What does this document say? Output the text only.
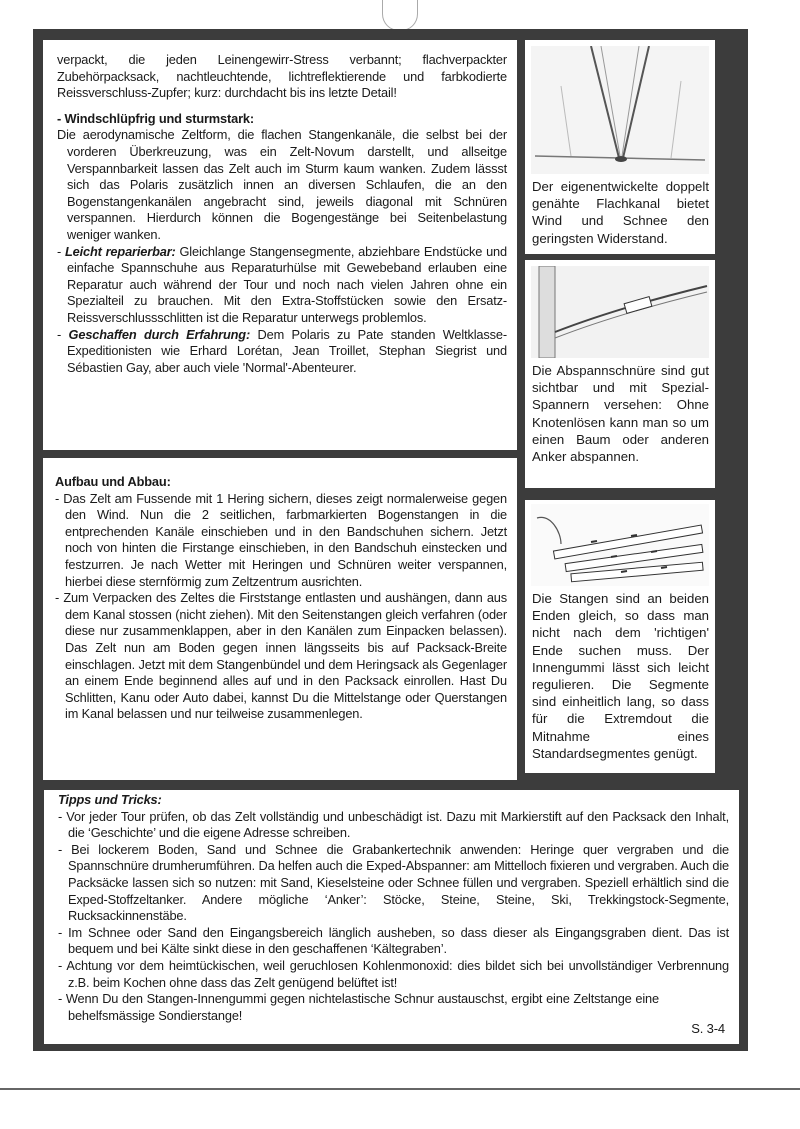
verpackt, die jeden Leinengewirr-Stress verbannt; flachverpackter Zubehörpacksack, nachtleuchtende, lichtreflektierende und farbkodierte Reissverschluss-Zupfer; kurz: durchdacht bis ins letzte Detail!

- Windschlüpfrig und sturmstark:

Die aerodynamische Zeltform, die flachen Stangenkanäle, die selbst bei der vorderen Überkreuzung, was ein Zelt-Novum darstellt, und allseitge Verspannbarkeit lassen das Zelt auch im Sturm kaum wanken. Zudem lässst sich das Polaris zusätzlich innen an diversen Schlaufen, die an den Bogenstangenkanälen angebracht sind, jeweils diagonal mit Schnüren verspannen. Hierdurch können die Bogengestänge bei Seitenbelastung weniger wanken.

- Leicht reparierbar: Gleichlange Stangensegmente, abziehbare Endstücke und einfache Spannschuhe aus Reparaturhülse mit Gewebeband erlauben eine Reparatur auch während der Tour und noch nach vielen Jahren ohne ein Spezialteil zu brauchen. Mit den Extra-Stoffstücken sowie den Ersatz-Reissverschlussschlitten ist die Reparatur unterwegs problemlos.

- Geschaffen durch Erfahrung: Dem Polaris zu Pate standen Weltklasse-Expeditionisten wie Erhard Lorétan, Jean Troillet, Stephan Siegrist und Sébastien Gay, aber auch viele 'Normal'-Abenteurer.

Aufbau und Abbau:

- Das Zelt am Fussende mit 1 Hering sichern, dieses zeigt normalerweise gegen den Wind. Nun die 2 seitlichen, farbmarkierten Bogenstangen in die entprechenden Kanäle einschieben und in den Bandschuhen sichern. Jetzt noch von hinten die Firstange einschieben, in den Bandschuh einstecken und festzurren. Je nach Wetter mit Heringen und Schnüren weiter verspannen, hierbei diese sternförmig zum Zeltzentrum ausrichten.

- Zum Verpacken des Zeltes die Firststange entlasten und aushängen, dann aus dem Kanal stossen (nicht ziehen). Mit den Seitenstangen gleich verfahren (oder diese nur zusammenklappen, aber in den Kanälen zum Einpacken belassen). Das Zelt nun am Boden gegen innen längsseits bis auf Packsack-Breite einschlagen. Jetzt mit dem Stangenbündel und dem Heringsack als Gegenlager an einem Ende beginnend alles auf und in den Packsack einrollen. Hast Du Schlitten, Kanu oder Auto dabei, kannst Du die Mittelstange oder Querstangen im Kanal belassen und nur teilweise zusammenlegen.

Tipps und Tricks:

- Vor jeder Tour prüfen, ob das Zelt vollständig und unbeschädigt ist. Dazu mit Markierstift auf den Packsack den Inhalt, die ‘Geschichte’ und die eigene Adresse schreiben.

- Bei lockerem Boden, Sand und Schnee die Grabankertechnik anwenden: Heringe quer vergraben und die Spannschnüre drumherumführen. Da helfen auch die Exped-Abspanner: am Mittelloch fixieren und vergraben. Auch die Packsäcke lassen sich so nutzen: mit Sand, Kieselsteine oder Schnee füllen und vergraben. Speziell erhältlich sind die Exped-Stoffzeltanker. Andere mögliche ‘Anker’: Stöcke, Steine, Steine, Ski, Trekkingstock-Segmente, Rucksackinnenstäbe.

- Im Schnee oder Sand den Eingangsbereich länglich ausheben, so dass dieser als Eingangsgraben dient. Das ist bequem und bei Kälte sinkt diese in den geschaffenen ‘Kältegraben’.

- Achtung vor dem heimtückischen, weil geruchlosen Kohlenmonoxid: dies bildet sich bei unvollständiger Verbrennung z.B. beim Kochen ohne dass das Zelt genügend belüftet ist!

- Wenn Du den Stangen-Innengummi gegen nichtelastische Schnur austauschst, ergibt eine Zeltstange eine behelfsmässige Sondierstange!

S. 3-4
Der eigenentwickelte doppelt genähte Flachkanal bietet Wind und Schnee den geringsten Widerstand.
Die Abspannschnüre sind gut sichtbar und mit Spezial-Spannern versehen: Ohne Knotenlösen kann man so um einen Baum oder anderen Anker abspannen.
Die Stangen sind an beiden Enden gleich, so dass man nicht nach dem 'richtigen' Ende suchen muss. Der Innengummi lässt sich leicht regulieren. Die Segmente sind einheitlich lang, so dass für die Extremdout die Mitnahme eines Standardsegmentes genügt.
